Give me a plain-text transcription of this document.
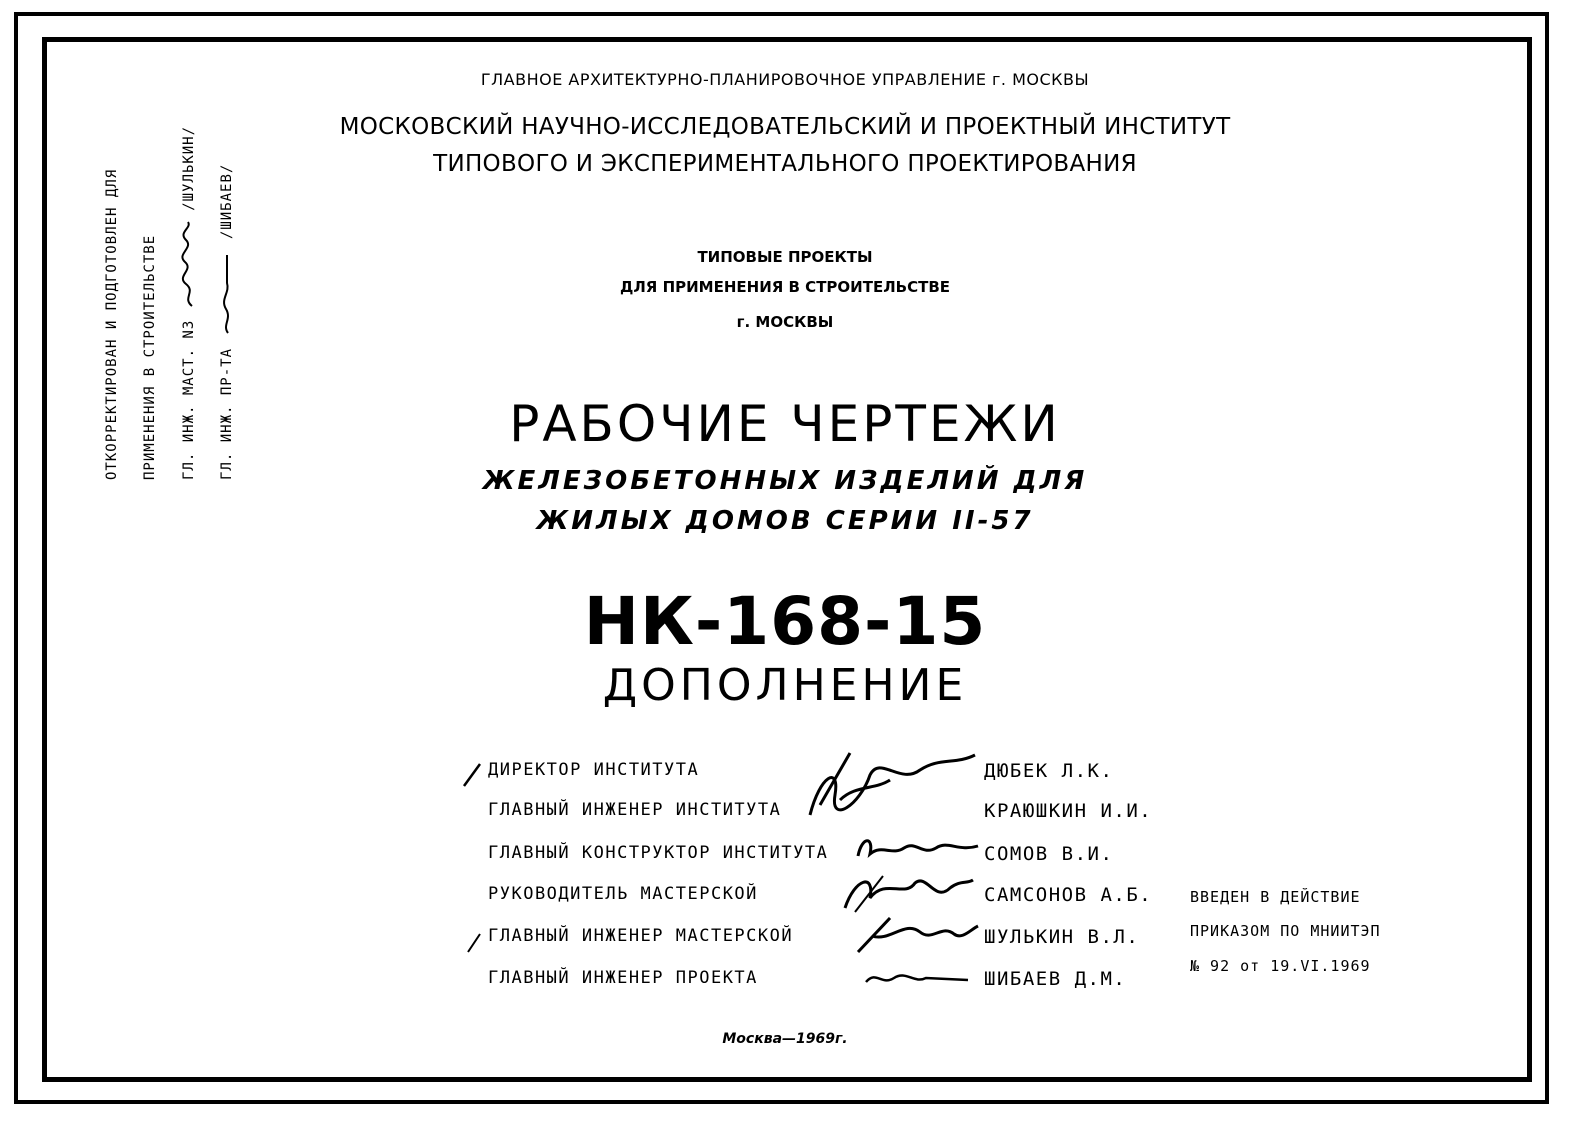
ГЛАВНОЕ АРХИТЕКТУРНО-ПЛАНИРОВОЧНОЕ УПРАВЛЕНИЕ г. МОСКВЫ
МОСКОВСКИЙ НАУЧНО-ИССЛЕДОВАТЕЛЬСКИЙ И ПРОЕКТНЫЙ ИНСТИТУТ
ТИПОВОГО И ЭКСПЕРИМЕНТАЛЬНОГО ПРОЕКТИРОВАНИЯ
ТИПОВЫЕ ПРОЕКТЫ
ДЛЯ ПРИМЕНЕНИЯ В СТРОИТЕЛЬСТВЕ
г. МОСКВЫ
РАБОЧИЕ ЧЕРТЕЖИ
ЖЕЛЕЗОБЕТОННЫХ ИЗДЕЛИЙ ДЛЯ
ЖИЛЫХ ДОМОВ СЕРИИ II-57
НК-168-15
ДОПОЛНЕНИЕ
ОТКОРРЕКТИРОВАН И ПОДГОТОВЛЕН ДЛЯ ПРИМЕНЕНИЯ В СТРОИТЕЛЬСТВЕ ГЛ. ИНЖ. МАСТ. N3  /ШУЛЬКИН/
ГЛ. ИНЖ. ПР-ТА  /ШИБАЕВ/
ДИРЕКТОР ИНСТИТУТА	ДЮБЕК Л.К.
ГЛАВНЫЙ ИНЖЕНЕР ИНСТИТУТА	КРАЮШКИН И.И.
ГЛАВНЫЙ КОНСТРУКТОР ИНСТИТУТА	СОМОВ В.И.
РУКОВОДИТЕЛЬ МАСТЕРСКОЙ	САМСОНОВ А.Б.
ГЛАВНЫЙ ИНЖЕНЕР МАСТЕРСКОЙ	ШУЛЬКИН В.Л.
ГЛАВНЫЙ ИНЖЕНЕР ПРОЕКТА	ШИБАЕВ Д.М.
ВВЕДЕН В ДЕЙСТВИЕ
ПРИКАЗОМ ПО МНИИТЭП
№ 92 от 19.VI.1969
Москва—1969г.
